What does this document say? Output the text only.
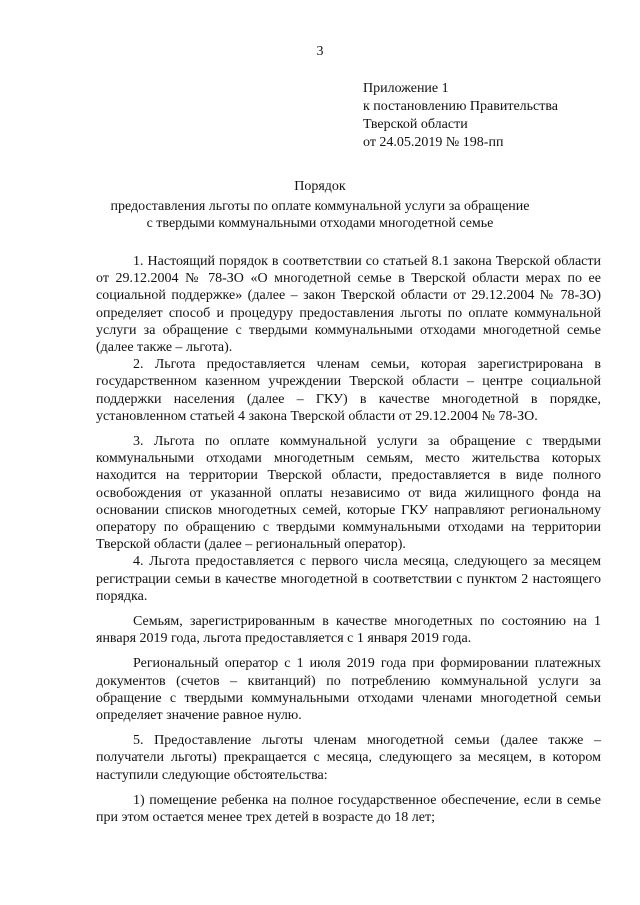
3
Приложение 1
к постановлению Правительства
Тверской области
от 24.05.2019 № 198-пп
Порядок
предоставления льготы по оплате коммунальной услуги за обращение
с твердыми коммунальными отходами многодетной семье

1. Настоящий порядок в соответствии со статьей 8.1 закона Тверской области от 29.12.2004 № 78-ЗО «О многодетной семье в Тверской области мерах по ее социальной поддержке» (далее – закон Тверской области от 29.12.2004 № 78-ЗО) определяет способ и процедуру предоставления льготы по оплате коммунальной услуги за обращение с твердыми коммунальными отходами многодетной семье (далее также – льгота).

2. Льгота предоставляется членам семьи, которая зарегистрирована в государственном казенном учреждении Тверской области – центре социальной поддержки населения (далее – ГКУ) в качестве многодетной в порядке, установленном статьей 4 закона Тверской области от 29.12.2004 № 78-ЗО.

3. Льгота по оплате коммунальной услуги за обращение с твердыми коммунальными отходами многодетным семьям, место жительства которых находится на территории Тверской области, предоставляется в виде полного освобождения от указанной оплаты независимо от вида жилищного фонда на основании списков многодетных семей, которые ГКУ направляют региональному оператору по обращению с твердыми коммунальными отходами на территории Тверской области (далее – региональный оператор).

4. Льгота предоставляется с первого числа месяца, следующего за месяцем регистрации семьи в качестве многодетной в соответствии с пунктом 2 настоящего порядка.

Семьям, зарегистрированным в качестве многодетных по состоянию на 1 января 2019 года, льгота предоставляется с 1 января 2019 года.

Региональный оператор с 1 июля 2019 года при формировании платежных документов (счетов – квитанций) по потреблению коммунальной услуги за обращение с твердыми коммунальными отходами членами многодетной семьи определяет значение равное нулю.

5. Предоставление льготы членам многодетной семьи (далее также – получатели льготы) прекращается с месяца, следующего за месяцем, в котором наступили следующие обстоятельства:

1) помещение ребенка на полное государственное обеспечение, если в семье при этом остается менее трех детей в возрасте до 18 лет;
